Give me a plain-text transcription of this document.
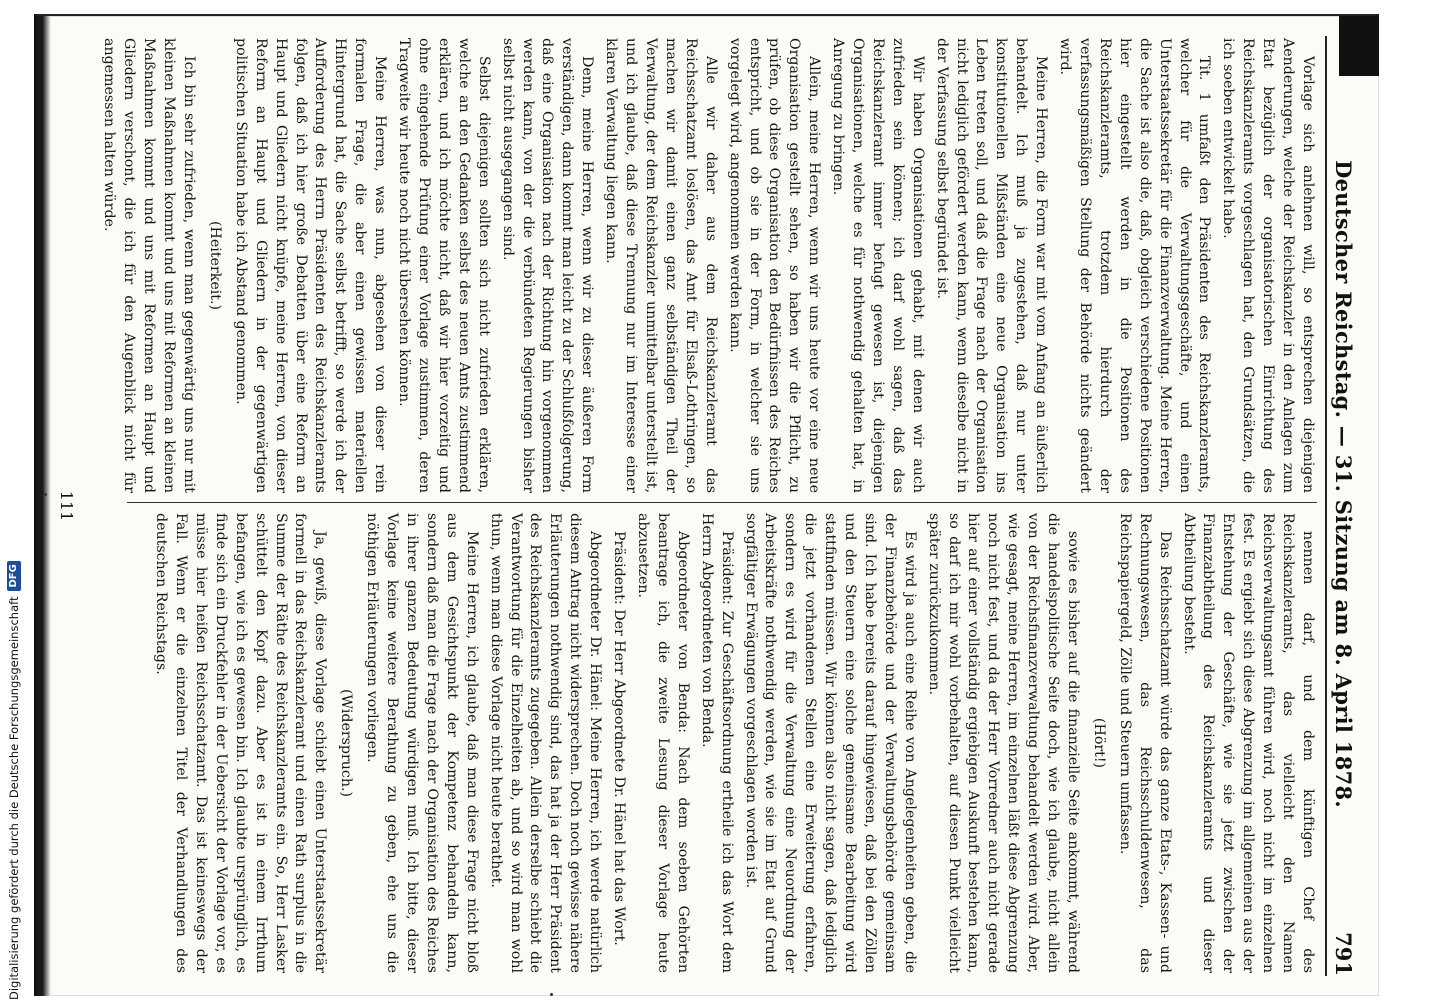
Deutscher Reichstag. — 31. Sitzung am 8. April 1878.
791

Vorlage sich anlehnen will, so entsprechen diejenigen Aenderungen, welche der Reichskanzler in den Anlagen zum Etat bezüglich der organisatorischen Einrichtung des Reichskanzleramts vorgeschlagen hat, den Grundsätzen, die ich soeben entwickelt habe.

Tit. 1 umfaßt den Präsidenten des Reichskanzleramts, welcher für die Verwaltungsgeschäfte, und einen Unterstaatssekretär für die Finanzverwaltung. Meine Herren, die Sache ist also die, daß, obgleich verschiedene Positionen hier eingestellt werden in die Positionen des Reichskanzleramts, trotzdem hierdurch der verfassungsmäßigen Stellung der Behörde nichts geändert wird.

Meine Herren, die Form war mit vom Anfang an äußerlich behandelt. Ich muß ja zugestehen, daß nur unter konstitutionellen Mißständen eine neue Organisation ins Leben treten soll, und daß die Frage nach der Organisation nicht lediglich gefördert werden kann, wenn dieselbe nicht in der Verfassung selbst begründet ist.

Wir haben Organisationen gehabt, mit denen wir auch zufrieden sein können; ich darf wohl sagen, daß das Reichskanzleramt immer befugt gewesen ist, diejenigen Organisationen, welche es für nothwendig gehalten hat, in Anregung zu bringen.

Allein, meine Herren, wenn wir uns heute vor eine neue Organisation gestellt sehen, so haben wir die Pflicht, zu prüfen, ob diese Organisation den Bedürfnissen des Reiches entspricht, und ob sie in der Form, in welcher sie uns vorgelegt wird, angenommen werden kann.

Alle wir daher aus dem Reichskanzleramt das Reichsschatzamt loslösen, das Amt für Elsaß-Lothringen, so machen wir damit einen ganz selbständigen Theil der Verwaltung, der dem Reichskanzler unmittelbar unterstellt ist, und ich glaube, daß diese Trennung nur im Interesse einer klaren Verwaltung liegen kann.

Denn, meine Herren, wenn wir zu dieser äußeren Form verständigen, dann kommt man leicht zu der Schlußfolgerung, daß eine Organisation nach der Richtung hin vorgenommen werden kann, von der die verbündeten Regierungen bisher selbst nicht ausgegangen sind.

Selbst diejenigen sollten sich nicht zufrieden erklären, welche an den Gedanken selbst des neuen Amts zustimmend erklären, und ich möchte nicht, daß wir hier vorzeitig und ohne eingehende Prüfung einer Vorlage zustimmen, deren Tragweite wir heute noch nicht übersehen können.

Meine Herren, was nun, abgesehen von dieser rein formalen Frage, die aber einen gewissen materiellen Hintergrund hat, die Sache selbst betrifft, so werde ich der Aufforderung des Herrn Präsidenten des Reichskanzleramts folgen, daß ich hier große Debatten über eine Reform an Haupt und Gliedern nicht knüpfe, meine Herren, von dieser Reform an Haupt und Gliedern in der gegenwärtigen politischen Situation habe ich Abstand genommen.

(Heiterkeit.)

Ich bin sehr zufrieden, wenn man gegenwärtig uns nur mit kleinen Maßnahmen kommt und uns mit Reformen an kleinen Maßnahmen kommt und uns mit Reformen an Haupt und Gliedern verschont, die ich für den Augenblick nicht für angemessen halten würde.

nennen darf, und dem künftigen Chef des Reichskanzleramts, das vielleicht den Namen Reichsverwaltungsamt führen wird, noch nicht im einzelnen fest. Es ergiebt sich diese Abgrenzung im allgemeinen aus der Entstehung der Geschäfte, wie sie jetzt zwischen der Finanzabtheilung des Reichskanzleramts und dieser Abtheilung besteht.

Das Reichsschatzamt würde das ganze Etats-, Kassen- und Rechnungswesen, das Reichsschuldenwesen, das Reichspapiergeld, Zölle und Steuern umfassen.

(Hört!)

sowie es bisher auf die finanzielle Seite ankommt, während die handelspolitische Seite doch, wie ich glaube, nicht allein von der Reichsfinanzverwaltung behandelt werden wird. Aber, wie gesagt, meine Herren, im einzelnen läßt diese Abgrenzung noch nicht fest, und da der Herr Vorredner auch nicht gerade hier auf einer vollständig ergiebigen Auskunft bestehen kann, so darf ich mir wohl vorbehalten, auf diesen Punkt vielleicht später zurückzukommen.

Es wird ja auch eine Reihe von Angelegenheiten geben, die der Finanzbehörde und der Verwaltungsbehörde gemeinsam sind. Ich habe bereits darauf hingewiesen, daß bei den Zöllen und den Steuern eine solche gemeinsame Bearbeitung wird stattfinden müssen. Wir können also nicht sagen, daß lediglich die jetzt vorhandenen Stellen eine Erweiterung erfahren, sondern es wird für die Verwaltung eine Neuordnung der Arbeitskräfte nothwendig werden, wie sie im Etat auf Grund sorgfältiger Erwägungen vorgeschlagen worden ist.

Präsident: Zur Geschäftsordnung ertheile ich das Wort dem Herrn Abgeordneten von Benda.

Abgeordneter von Benda: Nach dem soeben Gehörten beantrage ich, die zweite Lesung dieser Vorlage heute abzusetzen.

Präsident: Der Herr Abgeordnete Dr. Hänel hat das Wort.

Abgeordneter Dr. Hänel: Meine Herren, ich werde natürlich diesem Antrag nicht widersprechen. Doch noch gewisse nähere Erläuterungen nothwendig sind, das hat ja der Herr Präsident des Reichskanzleramts zugegeben. Allein derselbe schiebt die Verantwortung für die Einzelheiten ab, und so wird man wohl thun, wenn man diese Vorlage nicht heute berathet.

Meine Herren, ich glaube, daß man diese Frage nicht bloß aus dem Gesichtspunkt der Kompetenz behandeln kann, sondern daß man die Frage nach der Organisation des Reiches in ihrer ganzen Bedeutung würdigen muß. Ich bitte, dieser Vorlage keine weitere Berathung zu geben, ehe uns die nöthigen Erläuterungen vorliegen.

(Widerspruch.)

Ja, gewiß, diese Vorlage schiebt einen Unterstaatssekretär formell in das Reichskanzleramt und einen Rath surplus in die Summe der Räthe des Reichskanzleramts ein. So, Herr Lasker schüttelt den Kopf dazu. Aber es ist in einem Irrthum befangen, wie ich es gewesen bin. Ich glaubte ursprünglich, es finde sich ein Druckfehler in der Uebersicht der Vorlage vor, es müsse hier heißen Reichsschatzamt. Das ist keineswegs der Fall. Wenn er die einzelnen Titel der Verhandlungen des deutschen Reichstags.

111
Digitalisierung gefördert durch die Deutsche Forschungsgemeinschaft
DFG
